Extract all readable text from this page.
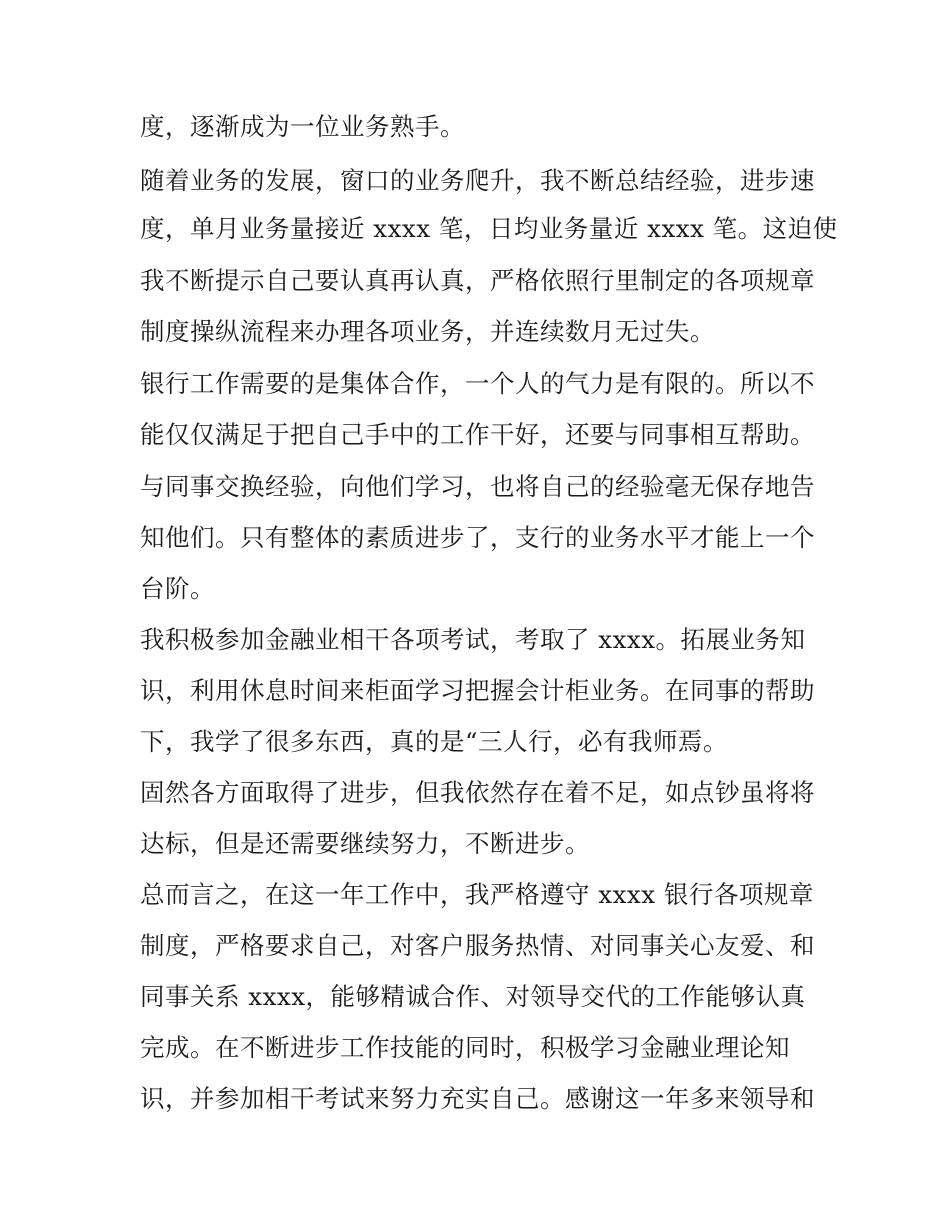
度，逐渐成为一位业务熟手。
随着业务的发展，窗口的业务爬升，我不断总结经验，进步速
度，单月业务量接近 xxxx 笔，日均业务量近 xxxx 笔。这迫使
我不断提示自己要认真再认真，严格依照行里制定的各项规章
制度操纵流程来办理各项业务，并连续数月无过失。
银行工作需要的是集体合作，一个人的气力是有限的。所以不
能仅仅满足于把自己手中的工作干好，还要与同事相互帮助。
与同事交换经验，向他们学习，也将自己的经验毫无保存地告
知他们。只有整体的素质进步了，支行的业务水平才能上一个
台阶。
我积极参加金融业相干各项考试，考取了 xxxx。拓展业务知
识，利用休息时间来柜面学习把握会计柜业务。在同事的帮助
下，我学了很多东西，真的是“三人行，必有我师焉。
固然各方面取得了进步，但我依然存在着不足，如点钞虽将将
达标，但是还需要继续努力，不断进步。
总而言之，在这一年工作中，我严格遵守 xxxx 银行各项规章
制度，严格要求自己，对客户服务热情、对同事关心友爱、和
同事关系 xxxx，能够精诚合作、对领导交代的工作能够认真
完成。在不断进步工作技能的同时，积极学习金融业理论知
识，并参加相干考试来努力充实自己。感谢这一年多来领导和
